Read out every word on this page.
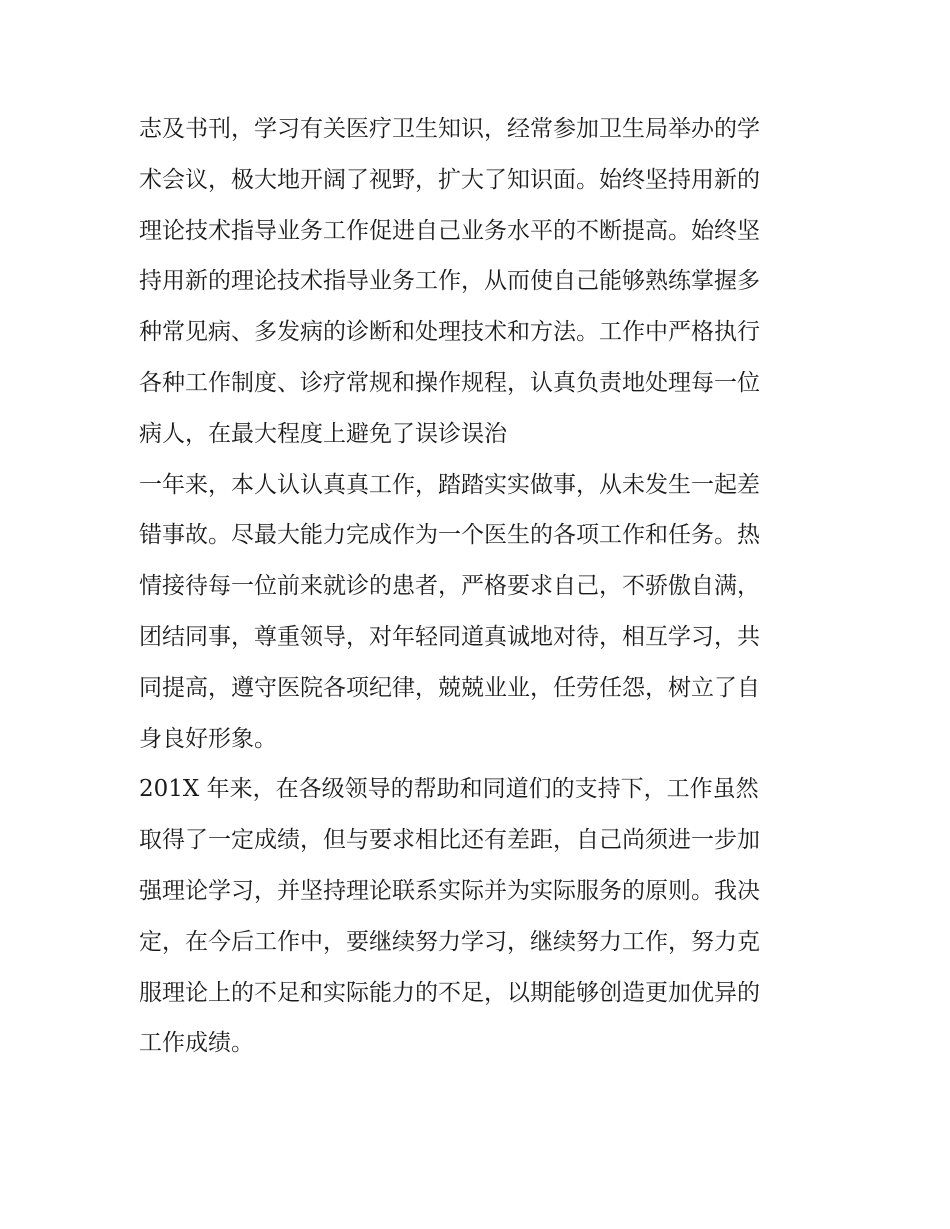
志及书刊，学习有关医疗卫生知识，经常参加卫生局举办的学
术会议，极大地开阔了视野，扩大了知识面。始终坚持用新的
理论技术指导业务工作促进自己业务水平的不断提高。始终坚
持用新的理论技术指导业务工作，从而使自己能够熟练掌握多
种常见病、多发病的诊断和处理技术和方法。工作中严格执行
各种工作制度、诊疗常规和操作规程，认真负责地处理每一位
病人，在最大程度上避免了误诊误治
一年来，本人认认真真工作，踏踏实实做事，从未发生一起差
错事故。尽最大能力完成作为一个医生的各项工作和任务。热
情接待每一位前来就诊的患者，严格要求自己，不骄傲自满，
团结同事，尊重领导，对年轻同道真诚地对待，相互学习，共
同提高，遵守医院各项纪律，兢兢业业，任劳任怨，树立了自
身良好形象。
201X 年来，在各级领导的帮助和同道们的支持下，工作虽然
取得了一定成绩，但与要求相比还有差距，自己尚须进一步加
强理论学习，并坚持理论联系实际并为实际服务的原则。我决
定，在今后工作中，要继续努力学习，继续努力工作，努力克
服理论上的不足和实际能力的不足，以期能够创造更加优异的
工作成绩。
